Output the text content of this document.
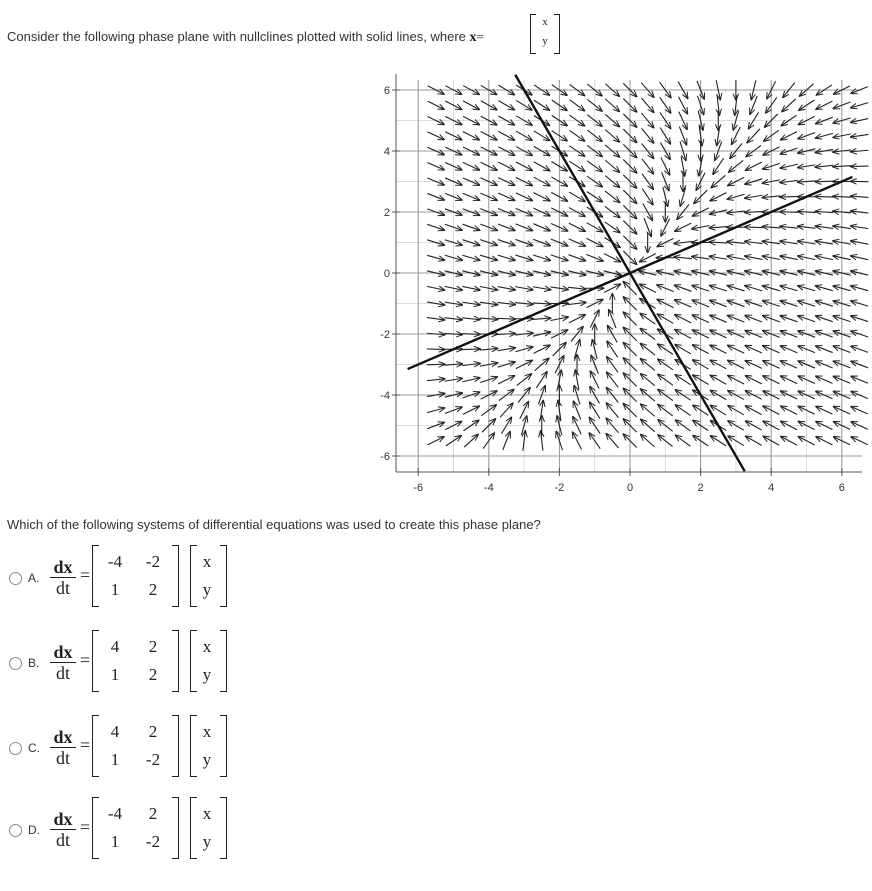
Consider the following phase plane with nullclines plotted with solid lines, where x=
x
y
-6	-4	-2	0	2	4	6
6
4
2
0
-2
-4
-6
Which of the following systems of differential equations was used to create this phase plane?
A.
dx
dt
=
-4	-2
1	2
x
y
B.
dx
dt
=
4	2
1	2
x
y
C.
dx
dt
=
4	2
1	-2
x
y
D.
dx
dt
=
-4	2
1	-2
x
y
